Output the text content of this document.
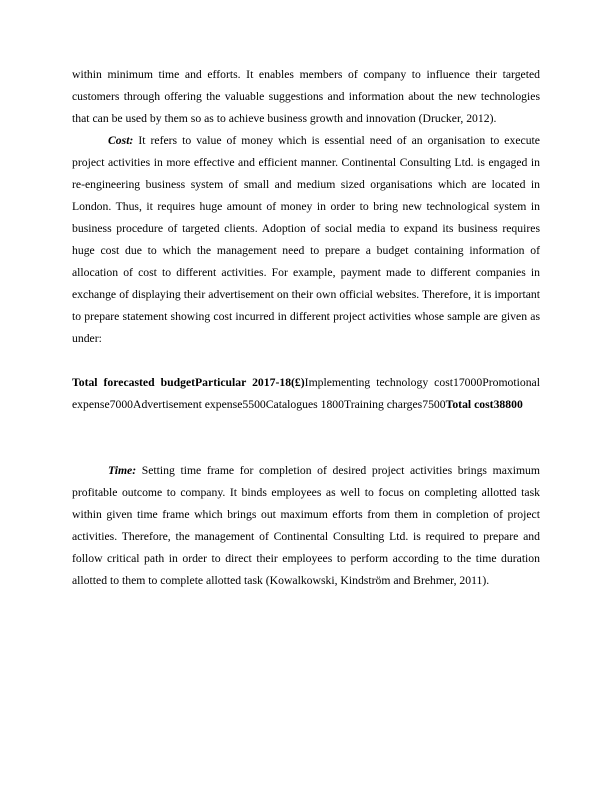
within minimum time and efforts. It enables members of company to influence their targeted customers through offering the valuable suggestions and information about the new technologies that can be used by them so as to achieve business growth and innovation (Drucker, 2012).

Cost: It refers to value of money which is essential need of an organisation to execute project activities in more effective and efficient manner. Continental Consulting Ltd. is engaged in re-engineering business system of small and medium sized organisations which are located in London. Thus, it requires huge amount of money in order to bring new technological system in business procedure of targeted clients. Adoption of social media to expand its business requires huge cost due to which the management need to prepare a budget containing information of allocation of cost to different activities. For example, payment made to different companies in exchange of displaying their advertisement on their own official websites. Therefore, it is important to prepare statement showing cost incurred in different project activities whose sample are given as under:

Total forecasted budgetParticular 2017-18(£)Implementing technology cost17000Promotional expense7000Advertisement expense5500Catalogues 1800Training charges7500Total cost38800

Time: Setting time frame for completion of desired project activities brings maximum profitable outcome to company. It binds employees as well to focus on completing allotted task within given time frame which brings out maximum efforts from them in completion of project activities. Therefore, the management of Continental Consulting Ltd. is required to prepare and follow critical path in order to direct their employees to perform according to the time duration allotted to them to complete allotted task (Kowalkowski, Kindström and Brehmer, 2011).
